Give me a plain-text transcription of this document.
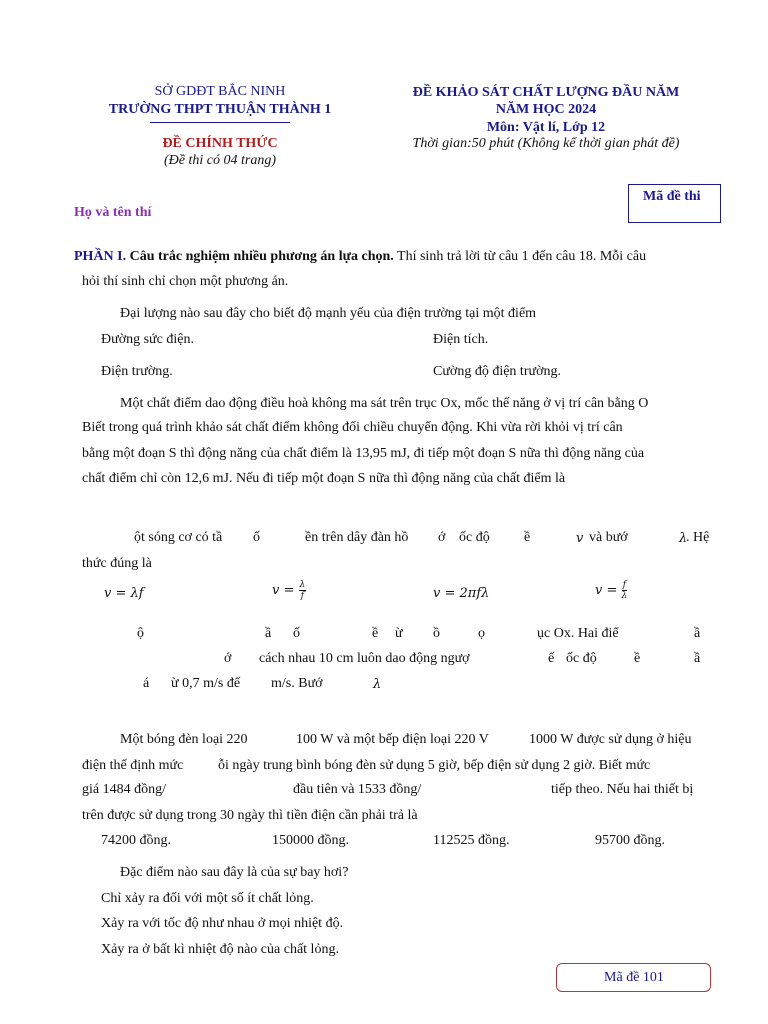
SỞ GDĐT BẮC NINH
TRƯỜNG THPT THUẬN THÀNH 1
ĐỀ CHÍNH THỨC
(Đề thi có 04 trang)
ĐỀ KHẢO SÁT CHẤT LƯỢNG ĐẦU NĂM
NĂM HỌC 2024
Môn: Vật lí, Lớp 12
Thời gian:50 phút (Không kể thời gian phát đề)
Mã đề thi
Họ và tên thí
PHẦN I. Câu trắc nghiệm nhiều phương án lựa chọn. Thí sinh trả lời từ câu 1 đến câu 18. Mỗi câu
hỏi thí sinh chỉ chọn một phương án.
Đại lượng nào sau đây cho biết độ mạnh yếu của điện trường tại một điểm
Đường sức điện.	Điện tích.
Điện trường.	Cường độ điện trường.
Một chất điểm dao động điều hoà không ma sát trên trục Ox, mốc thế năng ở vị trí cân bằng O
Biết trong quá trình khảo sát chất điểm không đổi chiều chuyển động. Khi vừa rời khỏi vị trí cân
bằng một đoạn S thì động năng của chất điểm là 13,95 mJ, đi tiếp một đoạn S nữa thì động năng của
chất điểm chỉ còn 12,6 mJ. Nếu đi tiếp một đoạn S nữa thì động năng của chất điểm là
ột sóng cơ có tầ ố	ền trên dây đàn hồ ớ ốc độ ề	v và bướ	λ
. Hệ
thức đúng là
v = λf	$v = \frac{\lambda}{f}$	v = 2πfλ	$v = \frac{f}{\lambda}$
ộ	ầ ố	ề ừ ồ	ọ	ục Ox. Hai điể	ầ
ớ cách nhau 10 cm luôn dao động ngượ	ế ốc độ	ề	ầ
á ừ 0,7 m/s đế m/s. Bướ	λ
Một bóng đèn loại 220	100 W và một bếp điện loại 220 V	1000 W được sử dụng ở hiệu
điện thế định mức ỗi ngày trung bình bóng đèn sử dụng 5 giờ, bếp điện sử dụng 2 giờ. Biết mức
giá 1484 đồng/	đầu tiên và 1533 đồng/	tiếp theo. Nếu hai thiết bị
trên được sử dụng trong 30 ngày thì tiền điện cần phải trả là
74200 đồng.	150000 đồng.	112525 đồng.	95700 đồng.
Đặc điểm nào sau đây là của sự bay hơi?
Chỉ xảy ra đối với một số ít chất lỏng.
Xảy ra với tốc độ như nhau ở mọi nhiệt độ.
Xảy ra ở bất kì nhiệt độ nào của chất lỏng.
Mã đề 101
